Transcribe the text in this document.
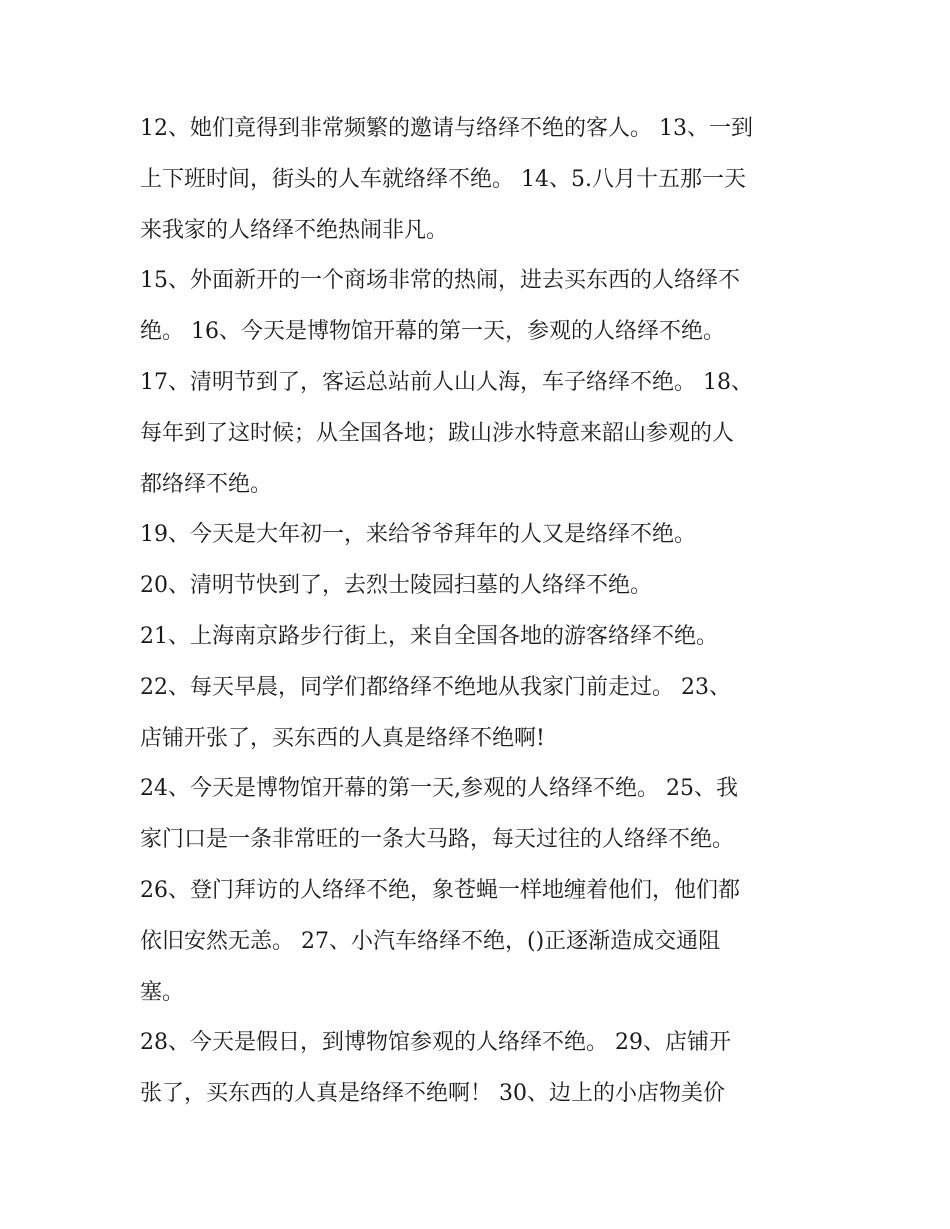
12、她们竟得到非常频繁的邀请与络绎不绝的客人。 13、一到
上下班时间，街头的人车就络绎不绝。 14、5.八月十五那一天
来我家的人络绎不绝热闹非凡。
15、外面新开的一个商场非常的热闹，进去买东西的人络绎不
绝。 16、今天是博物馆开幕的第一天，参观的人络绎不绝。
17、清明节到了，客运总站前人山人海，车子络绎不绝。 18、
每年到了这时候；从全国各地；跋山涉水特意来韶山参观的人
都络绎不绝。
19、今天是大年初一，来给爷爷拜年的人又是络绎不绝。
20、清明节快到了，去烈士陵园扫墓的人络绎不绝。
21、上海南京路步行街上，来自全国各地的游客络绎不绝。
22、每天早晨，同学们都络绎不绝地从我家门前走过。 23、
店铺开张了，买东西的人真是络绎不绝啊!
24、今天是博物馆开幕的第一天,参观的人络绎不绝。 25、我
家门口是一条非常旺的一条大马路，每天过往的人络绎不绝。
26、登门拜访的人络绎不绝，象苍蝇一样地缠着他们，他们都
依旧安然无恙。 27、小汽车络绎不绝，()正逐渐造成交通阻
塞。
28、今天是假日，到博物馆参观的人络绎不绝。 29、店铺开
张了，买东西的人真是络绎不绝啊！ 30、边上的小店物美价
